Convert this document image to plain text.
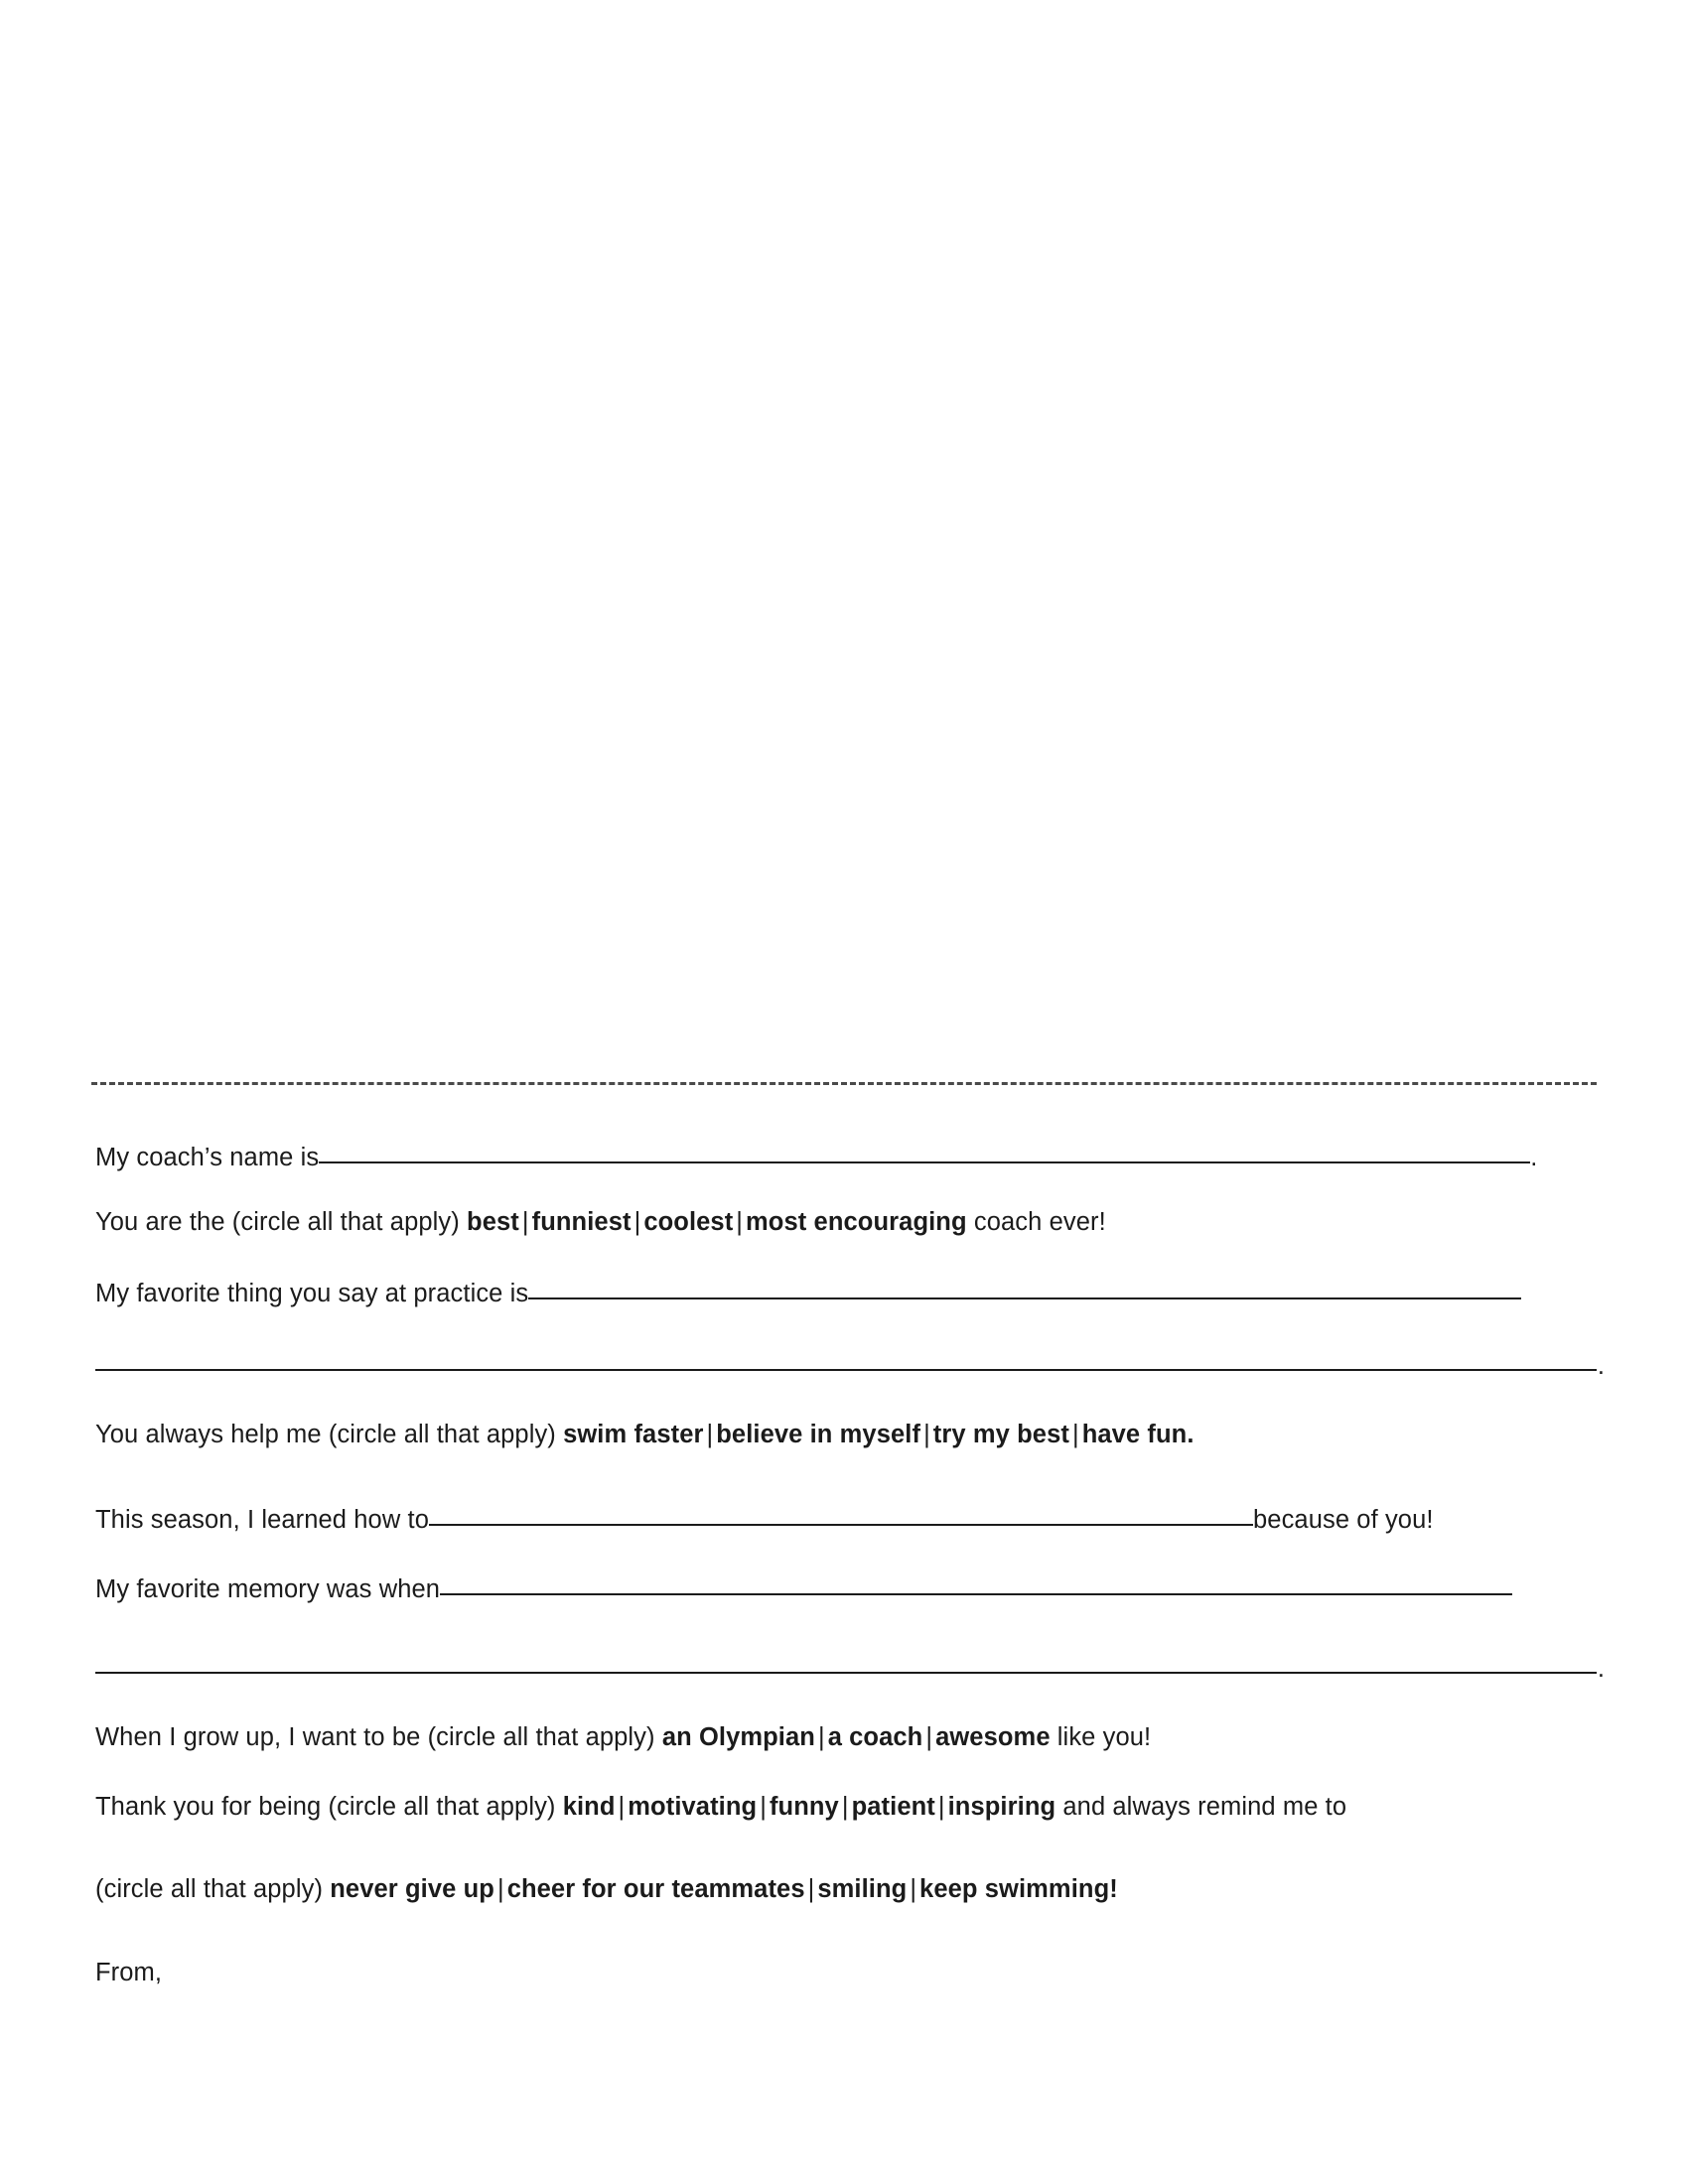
My coach’s name is	.
You are the (circle all that apply) best | funniest | coolest | most encouraging coach ever!
My favorite thing you say at practice is
.
You always help me (circle all that apply) swim faster | believe in myself | try my best | have fun.
This season, I learned how to	because of you!
My favorite memory was when
.
When I grow up, I want to be (circle all that apply) an Olympian | a coach | awesome like you!
Thank you for being (circle all that apply) kind | motivating | funny | patient | inspiring and always remind me to
(circle all that apply) never give up | cheer for our teammates | smiling | keep swimming!
From,
